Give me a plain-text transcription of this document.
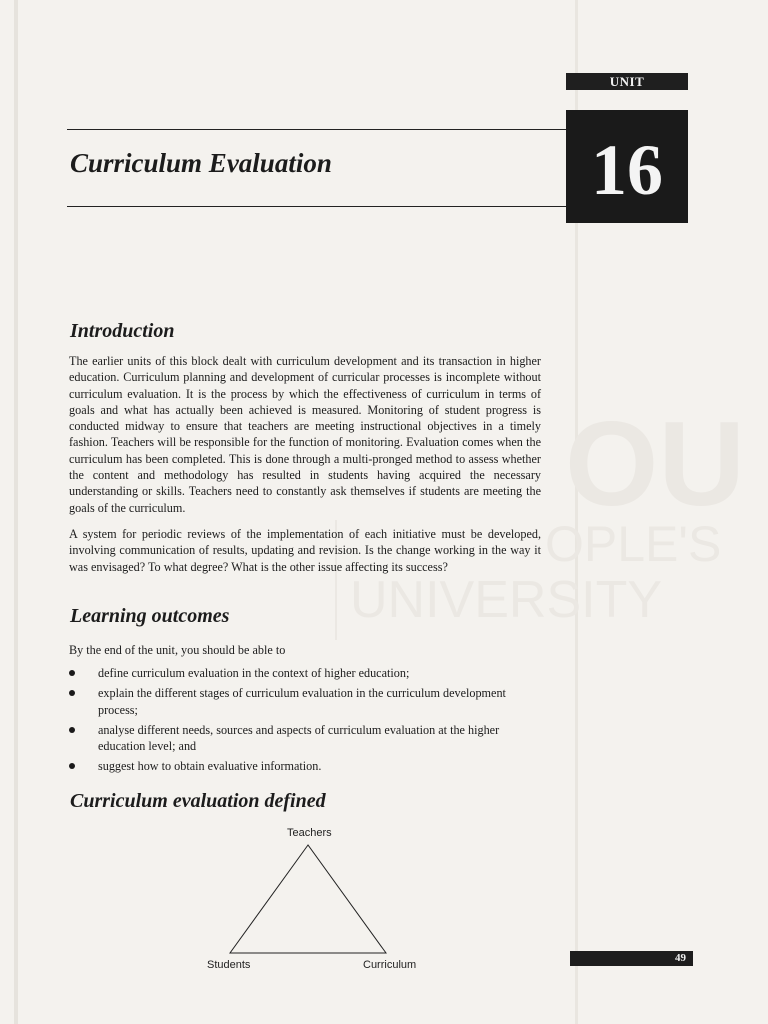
OU
OPLE'S
UNIVERSITY
UNIT
16
Curriculum Evaluation
Introduction

The earlier units of this block dealt with curriculum development and its transaction in higher education. Curriculum planning and development of curricular processes is incomplete without curriculum evaluation. It is the process by which the effectiveness of curriculum in terms of goals and what has actually been achieved is measured. Monitoring of student progress is conducted midway to ensure that teachers are meeting instructional objectives in a timely fashion. Teachers will be responsible for the function of monitoring. Evaluation comes when the curriculum has been completed. This is done through a multi-pronged method to assess whether the content and methodology has resulted in students having acquired the necessary understanding or skills. Teachers need to constantly ask themselves if students are meeting the goals of the curriculum.

A system for periodic reviews of the implementation of each initiative must be developed, involving communication of results, updating and revision. Is the change working in the way it was envisaged? To what degree? What is the other issue affecting its success?

Learning outcomes

By the end of the unit, you should be able to

define curriculum evaluation in the context of higher education;
explain the different stages of curriculum evaluation in the curriculum development process;
analyse different needs, sources and aspects of curriculum evaluation at the higher education level; and
suggest how to obtain evaluative information.
Curriculum evaluation defined
Teachers
Students	Curriculum
49
